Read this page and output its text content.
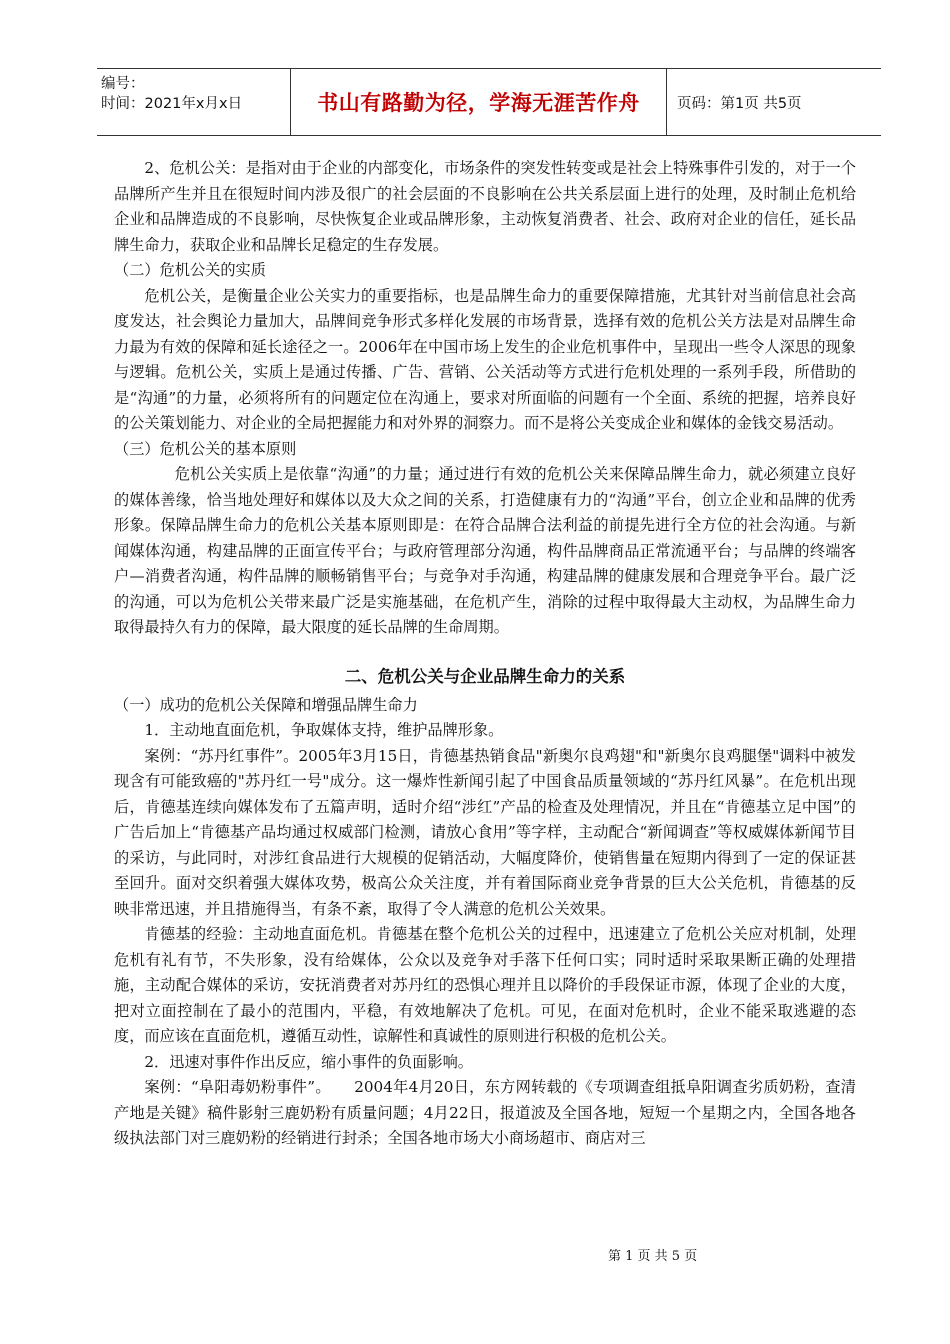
编号：
时间：2021年x月x日	书山有路勤为径，学海无涯苦作舟	页码：第1页 共5页

2、危机公关：是指对由于企业的内部变化，市场条件的突发性转变或是社会上特殊事件引发的，对于一个品牌所产生并且在很短时间内涉及很广的社会层面的不良影响在公共关系层面上进行的处理，及时制止危机给企业和品牌造成的不良影响，尽快恢复企业或品牌形象，主动恢复消费者、社会、政府对企业的信任，延长品牌生命力，获取企业和品牌长足稳定的生存发展。

（二）危机公关的实质

危机公关，是衡量企业公关实力的重要指标，也是品牌生命力的重要保障措施，尤其针对当前信息社会高度发达，社会舆论力量加大，品牌间竞争形式多样化发展的市场背景，选择有效的危机公关方法是对品牌生命力最为有效的保障和延长途径之一。2006年在中国市场上发生的企业危机事件中，呈现出一些令人深思的现象与逻辑。危机公关，实质上是通过传播、广告、营销、公关活动等方式进行危机处理的一系列手段，所借助的是“沟通”的力量，必须将所有的问题定位在沟通上，要求对所面临的问题有一个全面、系统的把握，培养良好的公关策划能力、对企业的全局把握能力和对外界的洞察力。而不是将公关变成企业和媒体的金钱交易活动。

（三）危机公关的基本原则

危机公关实质上是依靠“沟通”的力量；通过进行有效的危机公关来保障品牌生命力，就必须建立良好的媒体善缘，恰当地处理好和媒体以及大众之间的关系，打造健康有力的“沟通”平台，创立企业和品牌的优秀形象。保障品牌生命力的危机公关基本原则即是：在符合品牌合法利益的前提先进行全方位的社会沟通。与新闻媒体沟通，构建品牌的正面宣传平台；与政府管理部分沟通，构件品牌商品正常流通平台；与品牌的终端客户—消费者沟通，构件品牌的顺畅销售平台；与竞争对手沟通，构建品牌的健康发展和合理竞争平台。最广泛的沟通，可以为危机公关带来最广泛是实施基础，在危机产生，消除的过程中取得最大主动权，为品牌生命力取得最持久有力的保障，最大限度的延长品牌的生命周期。

二、危机公关与企业品牌生命力的关系

（一）成功的危机公关保障和增强品牌生命力

1．主动地直面危机，争取媒体支持，维护品牌形象。

案例：“苏丹红事件”。2005年3月15日，肯德基热销食品"新奥尔良鸡翅"和"新奥尔良鸡腿堡"调料中被发现含有可能致癌的"苏丹红一号"成分。这一爆炸性新闻引起了中国食品质量领域的“苏丹红风暴”。在危机出现后，肯德基连续向媒体发布了五篇声明，适时介绍“涉红”产品的检查及处理情况，并且在“肯德基立足中国”的广告后加上“肯德基产品均通过权威部门检测，请放心食用”等字样，主动配合“新闻调查”等权威媒体新闻节目的采访，与此同时，对涉红食品进行大规模的促销活动，大幅度降价，使销售量在短期内得到了一定的保证甚至回升。面对交织着强大媒体攻势，极高公众关注度，并有着国际商业竞争背景的巨大公关危机，肯德基的反映非常迅速，并且措施得当，有条不紊，取得了令人满意的危机公关效果。

肯德基的经验：主动地直面危机。肯德基在整个危机公关的过程中，迅速建立了危机公关应对机制，处理危机有礼有节，不失形象，没有给媒体，公众以及竞争对手落下任何口实；同时适时采取果断正确的处理措施，主动配合媒体的采访，安抚消费者对苏丹红的恐惧心理并且以降价的手段保证市源，体现了企业的大度，把对立面控制在了最小的范围内，平稳，有效地解决了危机。可见，在面对危机时，企业不能采取逃避的态度，而应该在直面危机，遵循互动性，谅解性和真诚性的原则进行积极的危机公关。

2．迅速对事件作出反应，缩小事件的负面影响。

案例：“阜阳毒奶粉事件”。　　2004年4月20日，东方网转载的《专项调查组抵阜阳调查劣质奶粉，查清产地是关键》稿件影射三鹿奶粉有质量问题；4月22日，报道波及全国各地，短短一个星期之内，全国各地各级执法部门对三鹿奶粉的经销进行封杀；全国各地市场大小商场超市、商店对三

第 1 页 共 5 页
